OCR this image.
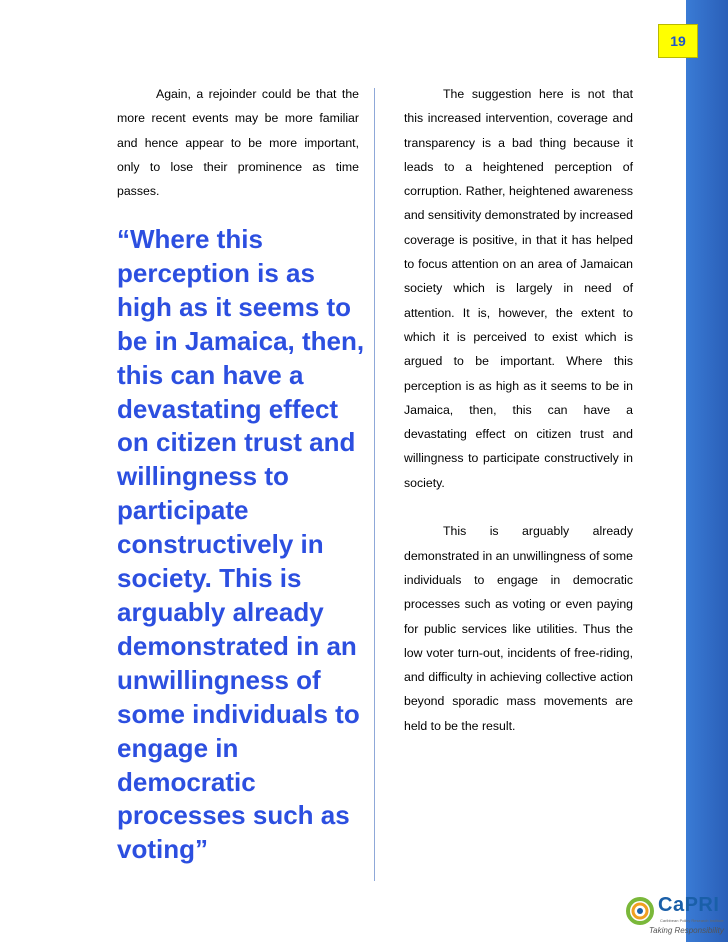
19

Again, a rejoinder could be that the more recent events may be more familiar and hence appear to be more important, only to lose their prominence as time passes.

“Where this perception is as high as it seems to be in Jamaica, then, this can have a devastating effect on citizen trust and willingness to participate constructively in society. This is arguably already demonstrated in an unwillingness of some individuals to engage in democratic processes such as voting”

The suggestion here is not that this increased intervention, coverage and transparency is a bad thing because it leads to a heightened perception of corruption. Rather, heightened awareness and sensitivity demonstrated by increased coverage is positive, in that it has helped to focus attention on an area of Jamaican society which is largely in need of attention. It is, however, the extent to which it is perceived to exist which is argued to be important. Where this perception is as high as it seems to be in Jamaica, then, this can have a devastating effect on citizen trust and willingness to participate constructively in society.

This is arguably already demonstrated in an unwillingness of some individuals to engage in democratic processes such as voting or even paying for public services like utilities. Thus the low voter turn-out, incidents of free-riding, and difficulty in achieving collective action beyond sporadic mass movements are held to be the result.

CaPRI
Caribbean Policy Research Institute
Taking Responsibility
